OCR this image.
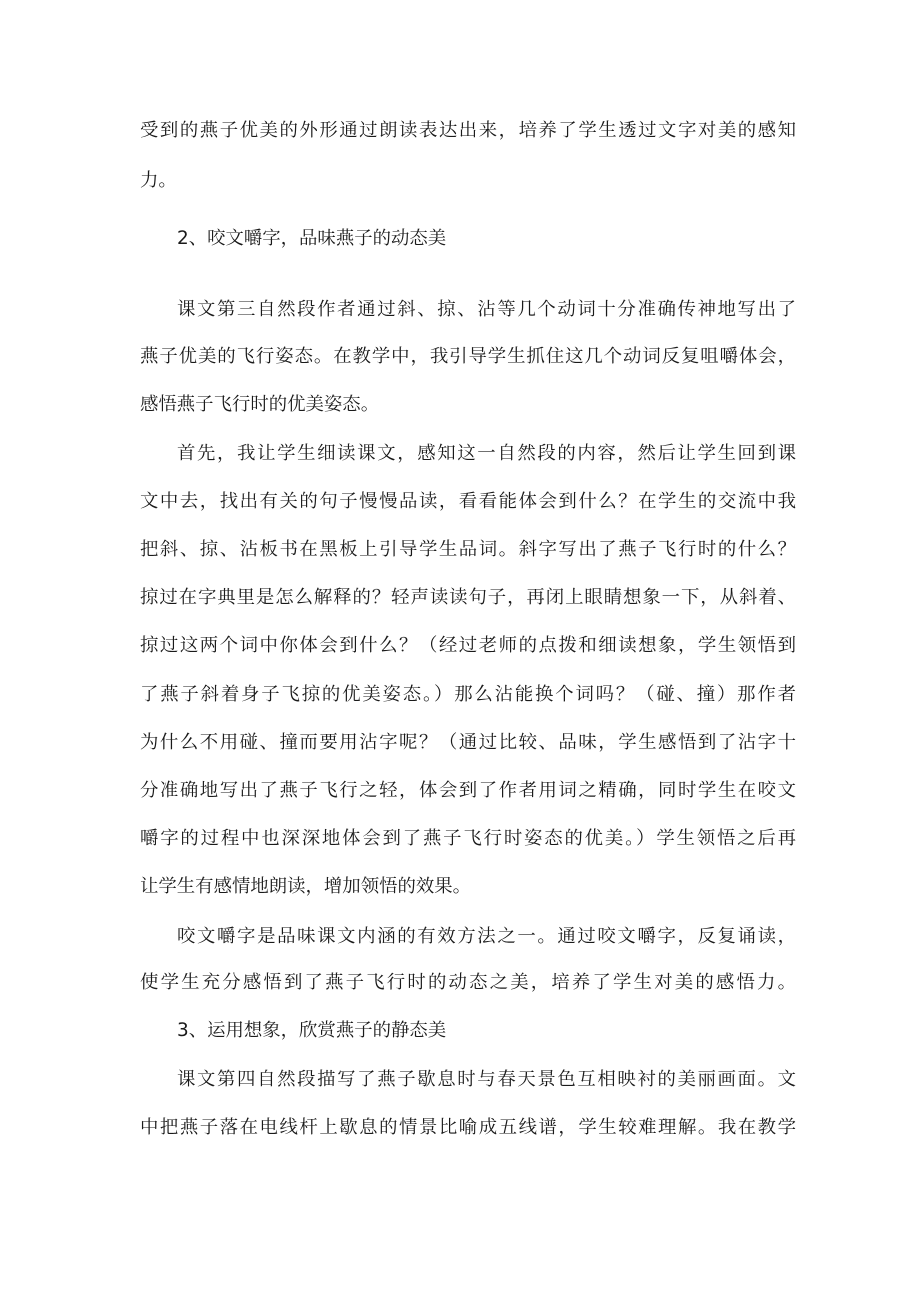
受到的燕子优美的外形通过朗读表达出来，培养了学生透过文字对美的感知
力。
2、咬文嚼字，品味燕子的动态美
课文第三自然段作者通过斜、掠、沾等几个动词十分准确传神地写出了
燕子优美的飞行姿态。在教学中，我引导学生抓住这几个动词反复咀嚼体会，
感悟燕子飞行时的优美姿态。
首先，我让学生细读课文，感知这一自然段的内容，然后让学生回到课
文中去，找出有关的句子慢慢品读，看看能体会到什么？在学生的交流中我
把斜、掠、沾板书在黑板上引导学生品词。斜字写出了燕子飞行时的什么？
掠过在字典里是怎么解释的？轻声读读句子，再闭上眼睛想象一下，从斜着、
掠过这两个词中你体会到什么？（经过老师的点拨和细读想象，学生领悟到
了燕子斜着身子飞掠的优美姿态。）那么沾能换个词吗？（碰、撞）那作者
为什么不用碰、撞而要用沾字呢？（通过比较、品味，学生感悟到了沾字十
分准确地写出了燕子飞行之轻，体会到了作者用词之精确，同时学生在咬文
嚼字的过程中也深深地体会到了燕子飞行时姿态的优美。）学生领悟之后再
让学生有感情地朗读，增加领悟的效果。
咬文嚼字是品味课文内涵的有效方法之一。通过咬文嚼字，反复诵读，
使学生充分感悟到了燕子飞行时的动态之美，培养了学生对美的感悟力。
3、运用想象，欣赏燕子的静态美
课文第四自然段描写了燕子歇息时与春天景色互相映衬的美丽画面。文
中把燕子落在电线杆上歇息的情景比喻成五线谱，学生较难理解。我在教学
